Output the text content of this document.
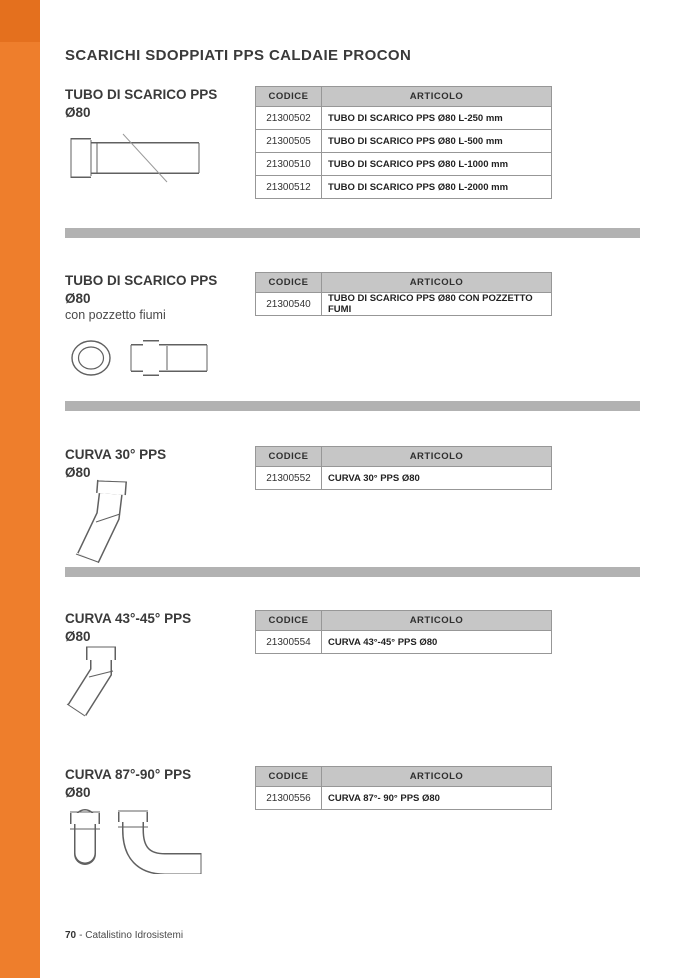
SCARICHI SDOPPIATI PPS CALDAIE PROCON
TUBO DI SCARICO PPS
Ø80
CODICE	ARTICOLO
21300502	TUBO DI SCARICO PPS Ø80 L-250 mm
21300505	TUBO DI SCARICO PPS Ø80 L-500 mm
21300510	TUBO DI SCARICO PPS Ø80 L-1000 mm
21300512	TUBO DI SCARICO PPS Ø80 L-2000 mm
TUBO DI SCARICO PPS
Ø80
con pozzetto fiumi
CODICE	ARTICOLO
21300540	TUBO DI SCARICO PPS Ø80 CON POZZETTO FUMI
CURVA 30° PPS
Ø80
CODICE	ARTICOLO
21300552	CURVA 30° PPS Ø80
CURVA 43°-45° PPS
Ø80
CODICE	ARTICOLO
21300554	CURVA 43°-45° PPS Ø80
CURVA 87°-90° PPS
Ø80
CODICE	ARTICOLO
21300556	CURVA 87°- 90° PPS Ø80
70 - Catalistino Idrosistemi
